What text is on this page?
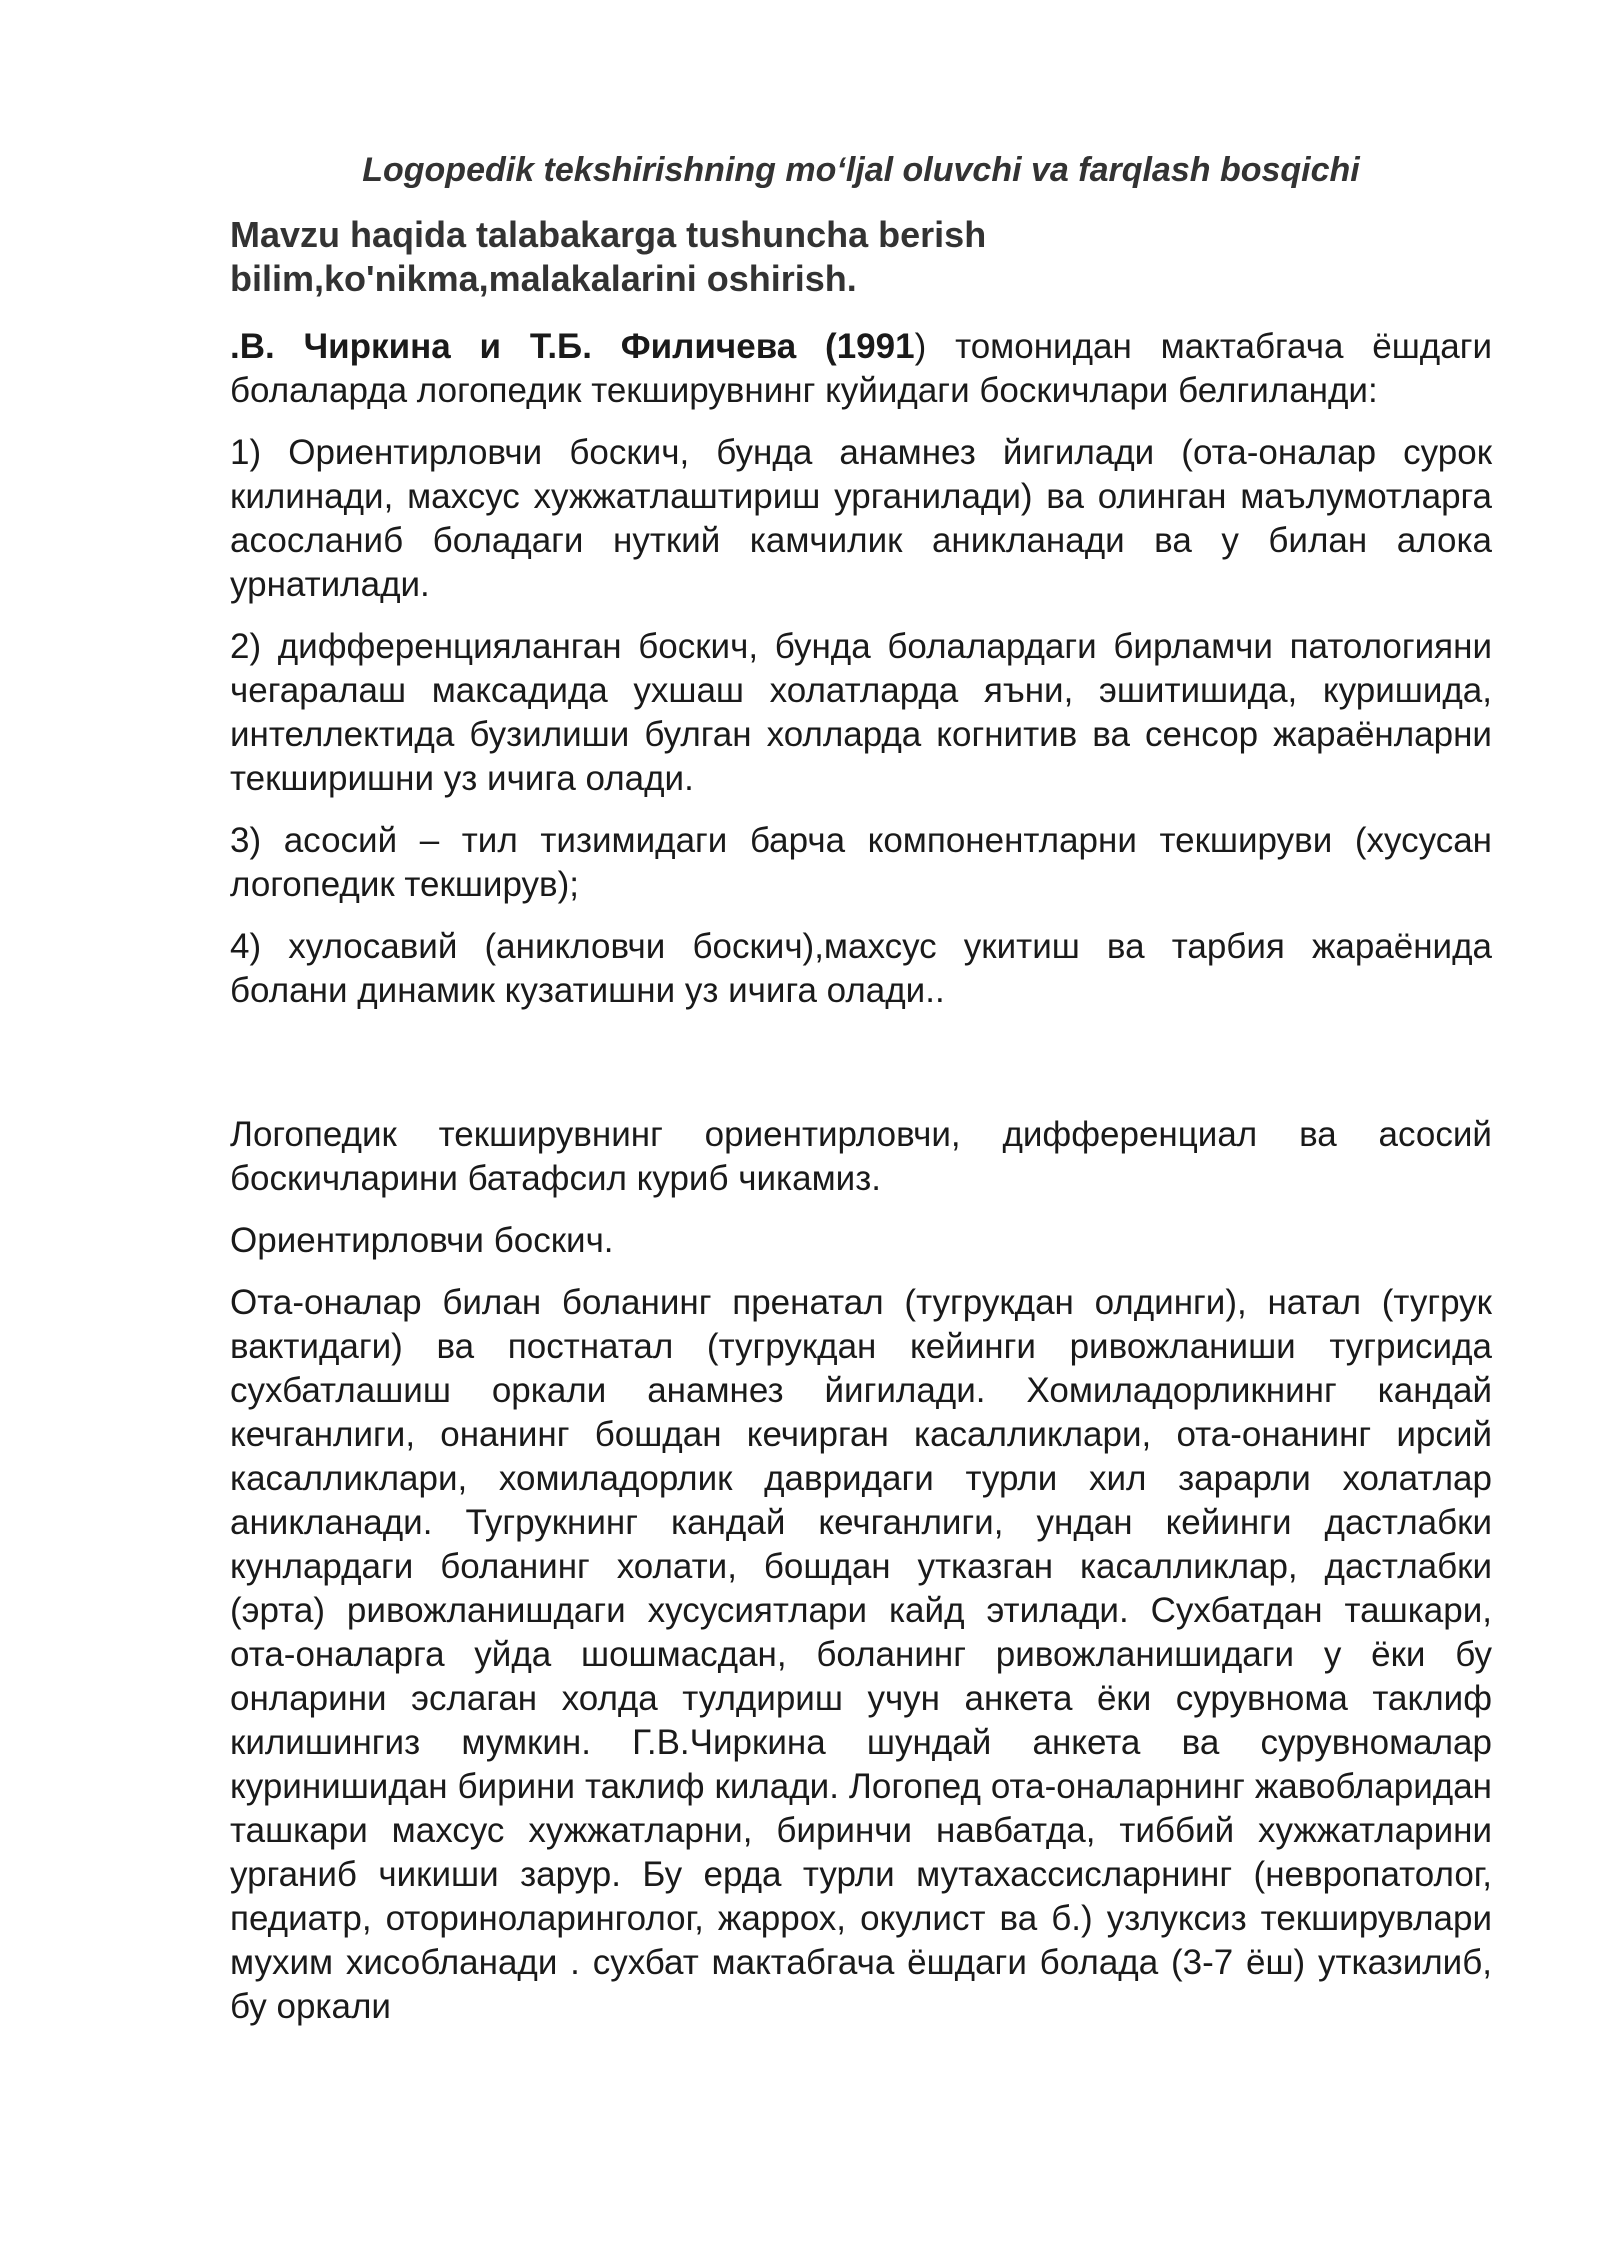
Logopedik tekshirishning mo‘ljal oluvchi va farqlash bosqichi
Mavzu haqida talabakarga tushuncha berish
bilim,ko'nikma,malakalarini oshirish.

.В. Чиркина и Т.Б. Филичева (1991) томонидан мактабгача ёшдаги болаларда логопедик текширувнинг куйидаги боскичлари белгиланди:

1) Ориентирловчи боскич, бунда анамнез йигилади (ота-оналар сурок килинади, махсус хужжатлаштириш урганилади) ва олинган маълумотларга асосланиб боладаги нуткий камчилик аникланади ва у билан алока урнатилади.

2) дифференцияланган боскич, бунда болалардаги бирламчи патологияни чегаралаш максадида ухшаш холатларда яъни, эшитишида, куришида, интеллектида бузилиши булган холларда когнитив ва сенсор жараёнларни текширишни уз ичига олади.

3) асосий – тил тизимидаги барча компонентларни текшируви (хусусан логопедик текширув);

4) хулосавий (аникловчи боскич),махсус укитиш ва тарбия жараёнида болани динамик кузатишни уз ичига олади..

Логопедик текширувнинг ориентирловчи, дифференциал ва асосий боскичларини батафсил куриб чикамиз.

Ориентирловчи боскич.

Ота-оналар билан боланинг пренатал (тугрукдан олдинги), натал (тугрук вактидаги) ва постнатал (тугрукдан кейинги ривожланиши тугрисида сухбатлашиш оркали анамнез йигилади. Хомиладорликнинг кандай кечганлиги, онанинг бошдан кечирган касалликлари, ота-онанинг ирсий касалликлари, хомиладорлик давридаги турли хил зарарли холатлар аникланади. Тугрукнинг кандай кечганлиги, ундан кейинги дастлабки кунлардаги боланинг холати, бошдан утказган касалликлар, дастлабки (эрта) ривожланишдаги хусусиятлари кайд этилади. Сухбатдан ташкари, ота-оналарга уйда шошмасдан, боланинг ривожланишидаги у ёки бу онларини эслаган холда тулдириш учун анкета ёки сурувнома таклиф килишингиз мумкин. Г.В.Чиркина шундай анкета ва сурувномалар куринишидан бирини таклиф килади. Логопед ота-оналарнинг жавобларидан ташкари махсус хужжатларни, биринчи навбатда, тиббий хужжатларини урганиб чикиши зарур. Бу ерда турли мутахассисларнинг (невропатолог, педиатр, оториноларинголог, жаррох, окулист ва б.) узлуксиз текширувлари мухим хисобланади . сухбат мактабгача ёшдаги болада (3-7 ёш) утказилиб, бу оркали
